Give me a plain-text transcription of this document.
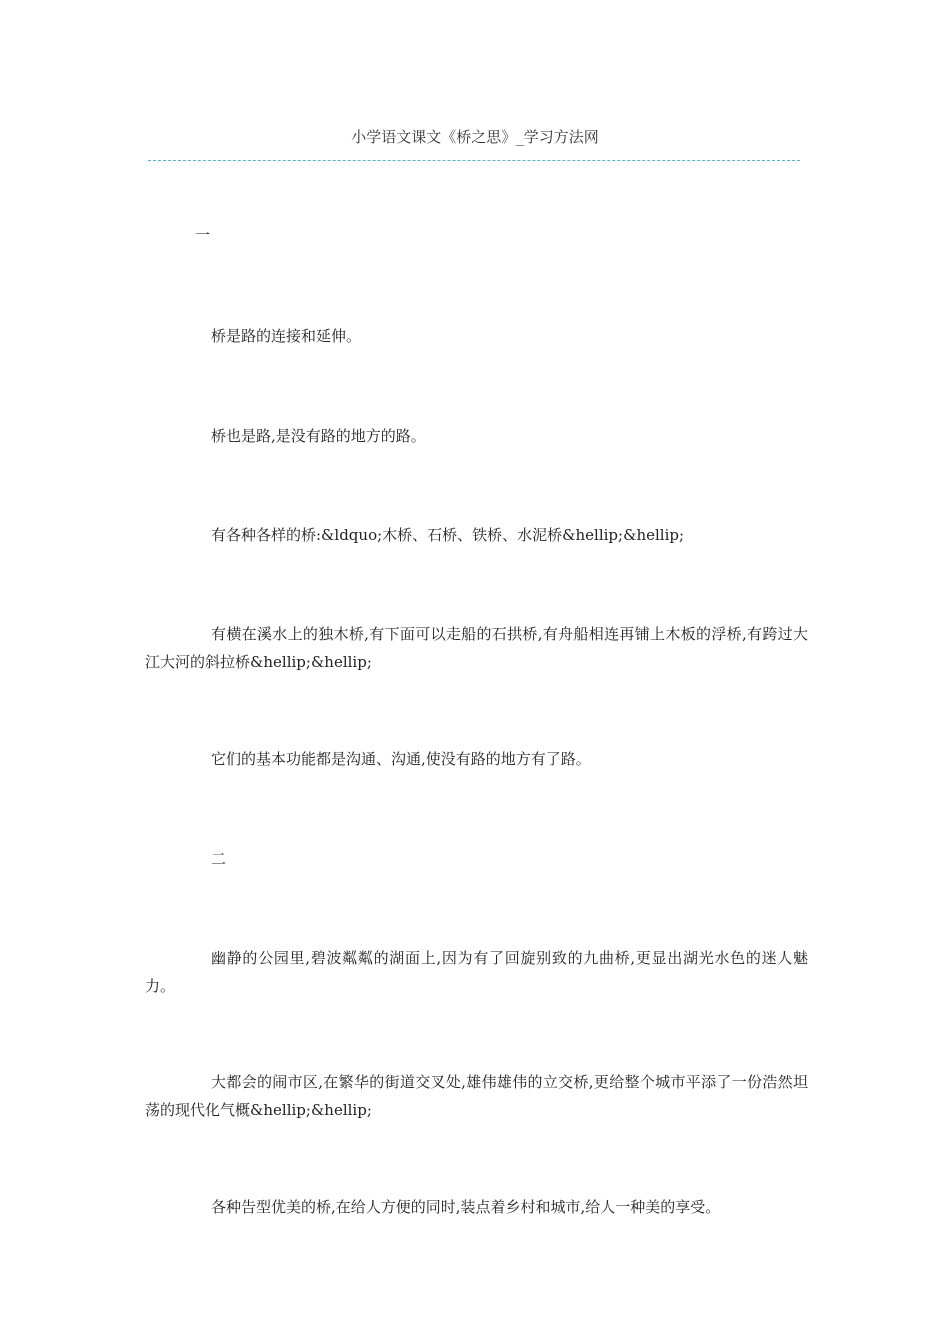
小学语文课文《桥之思》_学习方法网
一

桥是路的连接和延伸。

桥也是路,是没有路的地方的路。

有各种各样的桥:&ldquo;木桥、石桥、铁桥、水泥桥&hellip;&hellip;

有横在溪水上的独木桥,有下面可以走船的石拱桥,有舟船相连再铺上木板的浮桥,有跨过大江大河的斜拉桥&hellip;&hellip;

它们的基本功能都是沟通、沟通,使没有路的地方有了路。

二

幽静的公园里,碧波粼粼的湖面上,因为有了回旋别致的九曲桥,更显出湖光水色的迷人魅力。

大都会的闹市区,在繁华的街道交叉处,雄伟雄伟的立交桥,更给整个城市平添了一份浩然坦荡的现代化气概&hellip;&hellip;

各种告型优美的桥,在给人方便的同时,装点着乡村和城市,给人一种美的享受。
